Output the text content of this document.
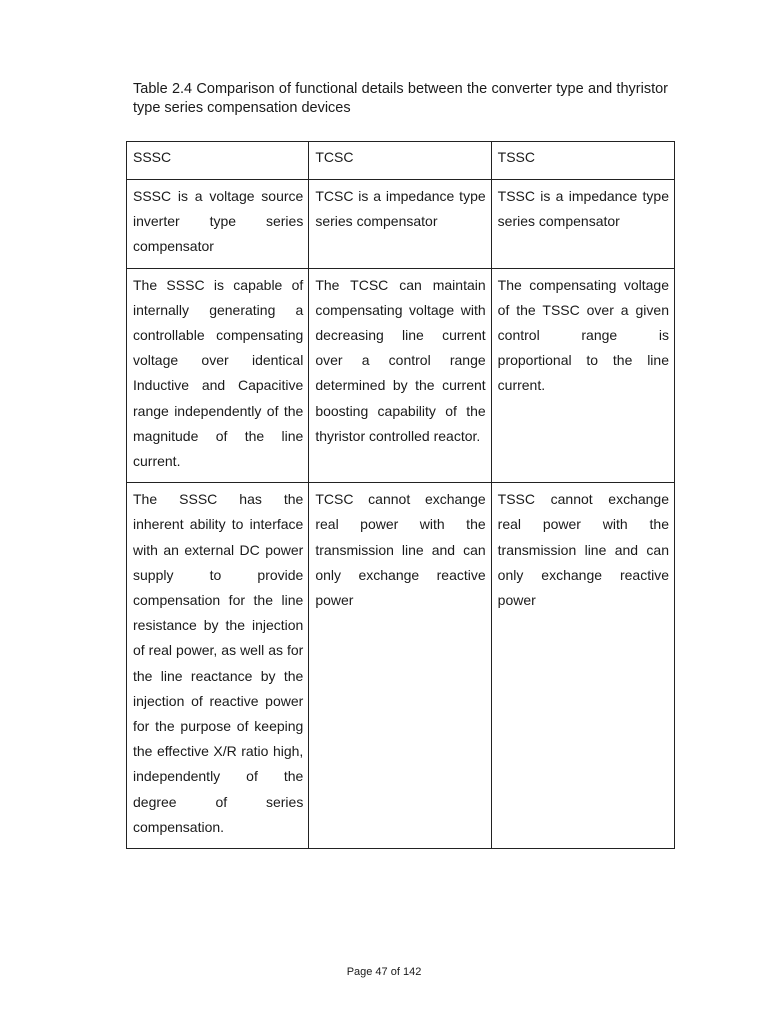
Table 2.4 Comparison of functional details between the converter type and thyristor type series compensation devices
SSSC	TCSC	TSSC
SSSC is a voltage source inverter type series compensator	TCSC is a impedance type series compensator	TSSC is a impedance type series compensator
The SSSC is capable of internally generating a controllable compensating voltage over identical Inductive and Capacitive range independently of the magnitude of the line current.	The TCSC can maintain compensating voltage with decreasing line current over a control range determined by the current boosting capability of the thyristor controlled reactor.	The compensating voltage of the TSSC over a given control range is proportional to the line current.
The SSSC has the inherent ability to interface with an external DC power supply to provide compensation for the line resistance by the injection of real power, as well as for the line reactance by the injection of reactive power for the purpose of keeping the effective X/R ratio high, independently of the degree of series compensation.	TCSC cannot exchange real power with the transmission line and can only exchange reactive power	TSSC cannot exchange real power with the transmission line and can only exchange reactive power
Page 47 of 142
